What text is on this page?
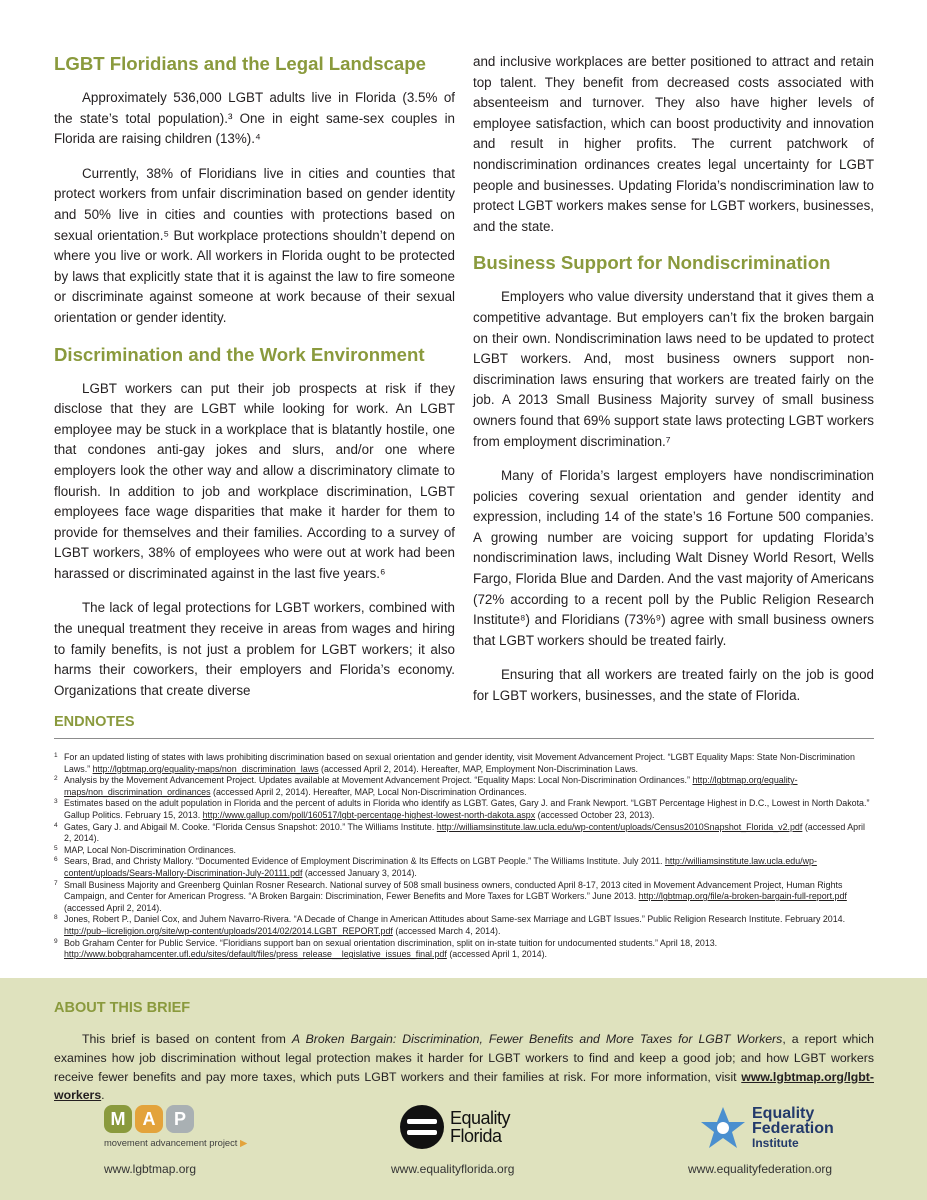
LGBT Floridians and the Legal Landscape

Approximately 536,000 LGBT adults live in Florida (3.5% of the state’s total population).³ One in eight same-sex couples in Florida are raising children (13%).⁴

Currently, 38% of Floridians live in cities and counties that protect workers from unfair discrimination based on gender identity and 50% live in cities and counties with protections based on sexual orientation.⁵ But workplace protections shouldn’t depend on where you live or work. All workers in Florida ought to be protected by laws that explicitly state that it is against the law to fire someone or discriminate against someone at work because of their sexual orientation or gender identity.

Discrimination and the Work Environment

LGBT workers can put their job prospects at risk if they disclose that they are LGBT while looking for work. An LGBT employee may be stuck in a workplace that is blatantly hostile, one that condones anti-gay jokes and slurs, and/or one where employers look the other way and allow a discriminatory climate to flourish. In addition to job and workplace discrimination, LGBT employees face wage disparities that make it harder for them to provide for themselves and their families. According to a survey of LGBT workers, 38% of employees who were out at work had been harassed or discriminated against in the last five years.⁶

The lack of legal protections for LGBT workers, combined with the unequal treatment they receive in areas from wages and hiring to family benefits, is not just a problem for LGBT workers; it also harms their coworkers, their employers and Florida’s economy. Organizations that create diverse

and inclusive workplaces are better positioned to attract and retain top talent. They benefit from decreased costs associated with absenteeism and turnover. They also have higher levels of employee satisfaction, which can boost productivity and innovation and result in higher profits. The current patchwork of nondiscrimination ordinances creates legal uncertainty for LGBT people and businesses. Updating Florida’s nondiscrimination law to protect LGBT workers makes sense for LGBT workers, businesses, and the state.

Business Support for Nondiscrimination

Employers who value diversity understand that it gives them a competitive advantage. But employers can’t fix the broken bargain on their own. Nondiscrimination laws need to be updated to protect LGBT workers. And, most business owners support non-discrimination laws ensuring that workers are treated fairly on the job. A 2013 Small Business Majority survey of small business owners found that 69% support state laws protecting LGBT workers from employment discrimination.⁷

Many of Florida’s largest employers have nondiscrimination policies covering sexual orientation and gender identity and expression, including 14 of the state’s 16 Fortune 500 companies. A growing number are voicing support for updating Florida’s nondiscrimination laws, including Walt Disney World Resort, Wells Fargo, Florida Blue and Darden. And the vast majority of Americans (72% according to a recent poll by the Public Religion Research Institute⁸) and Floridians (73%⁹) agree with small business owners that LGBT workers should be treated fairly.

Ensuring that all workers are treated fairly on the job is good for LGBT workers, businesses, and the state of Florida.

ENDNOTES
1 For an updated listing of states with laws prohibiting discrimination based on sexual orientation and gender identity, visit Movement Advancement Project. “LGBT Equality Maps: State Non-Discrimination Laws.” http://lgbtmap.org/equality-maps/non_discrimination_laws (accessed April 2, 2014). Hereafter, MAP, Employment Non-Discrimination Laws.
2 Analysis by the Movement Advancement Project. Updates available at Movement Advancement Project. “Equality Maps: Local Non-Discrimination Ordinances.” http://lgbtmap.org/equality-maps/non_discrimination_ordinances (accessed April 2, 2014). Hereafter, MAP, Local Non-Discrimination Ordinances.
3 Estimates based on the adult population in Florida and the percent of adults in Florida who identify as LGBT. Gates, Gary J. and Frank Newport. “LGBT Percentage Highest in D.C., Lowest in North Dakota.” Gallup Politics. February 15, 2013. http://www.gallup.com/poll/160517/lgbt-percentage-highest-lowest-north-dakota.aspx (accessed October 23, 2013).
4 Gates, Gary J. and Abigail M. Cooke. “Florida Census Snapshot: 2010.” The Williams Institute. http://williamsinstitute.law.ucla.edu/wp-content/uploads/Census2010Snapshot_Florida_v2.pdf (accessed April 2, 2014).
5 MAP, Local Non-Discrimination Ordinances.
6 Sears, Brad, and Christy Mallory. “Documented Evidence of Employment Discrimination & Its Effects on LGBT People.” The Williams Institute. July 2011. http://williamsinstitute.law.ucla.edu/wp-content/uploads/Sears-Mallory-Discrimination-July-20111.pdf (accessed January 3, 2014).
7 Small Business Majority and Greenberg Quinlan Rosner Research. National survey of 508 small business owners, conducted April 8-17, 2013 cited in Movement Advancement Project, Human Rights Campaign, and Center for American Progress. “A Broken Bargain: Discrimination, Fewer Benefits and More Taxes for LGBT Workers.” June 2013. http://lgbtmap.org/file/a-broken-bargain-full-report.pdf (accessed April 2, 2014).
8 Jones, Robert P., Daniel Cox, and Juhem Navarro-Rivera. “A Decade of Change in American Attitudes about Same-sex Marriage and LGBT Issues.” Public Religion Research Institute. February 2014. http://pub--licreligion.org/site/wp-content/uploads/2014/02/2014.LGBT_REPORT.pdf (accessed March 4, 2014).
9 Bob Graham Center for Public Service. “Floridians support ban on sexual orientation discrimination, split on in-state tuition for undocumented students.” April 18, 2013. http://www.bobgrahamcenter.ufl.edu/sites/default/files/press_release__legislative_issues_final.pdf (accessed April 1, 2014).
ABOUT THIS BRIEF

This brief is based on content from A Broken Bargain: Discrimination, Fewer Benefits and More Taxes for LGBT Workers, a report which examines how job discrimination without legal protection makes it harder for LGBT workers to find and keep a good job; and how LGBT workers receive fewer benefits and pay more taxes, which puts LGBT workers and their families at risk. For more information, visit www.lgbtmap.org/lgbt-workers.

M A	P
movement advancement project ▶
www.lgbtmap.org
Equality
Florida
www.equalityflorida.org
Equality
Federation
Institute
www.equalityfederation.org
